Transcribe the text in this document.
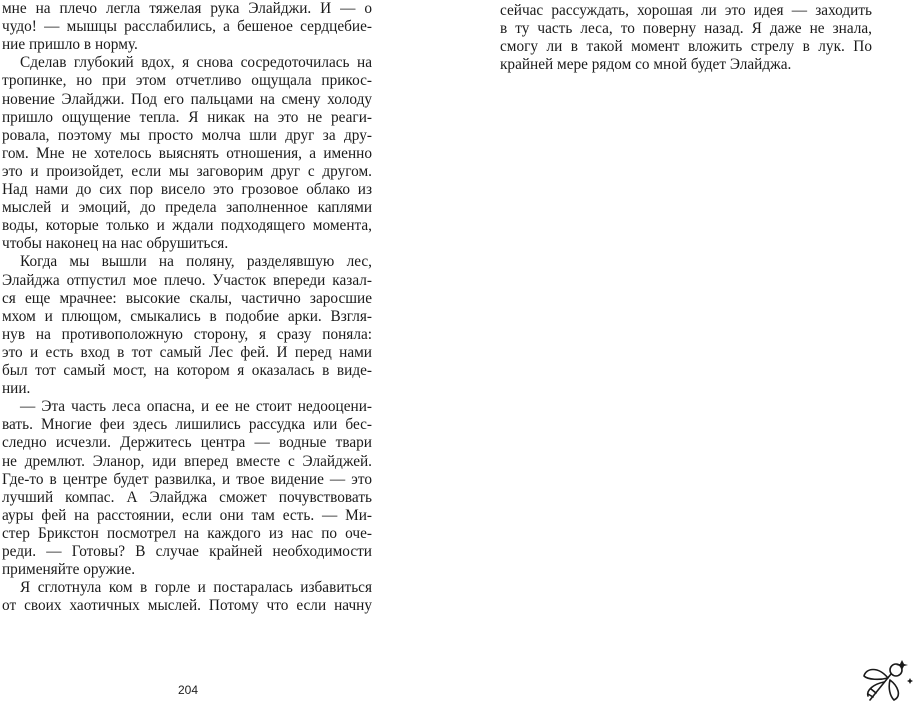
мне на плечо легла тяжелая рука Элайджи. И — о
чудо! — мышцы расслабились, а бешеное сердцебие-
ние пришло в норму.
Сделав глубокий вдох, я снова сосредоточилась на
тропинке, но при этом отчетливо ощущала прикос-
новение Элайджи. Под его пальцами на смену холоду
пришло ощущение тепла. Я никак на это не реаги-
ровала, поэтому мы просто молча шли друг за дру-
гом. Мне не хотелось выяснять отношения, а именно
это и произойдет, если мы заговорим друг с другом.
Над нами до сих пор висело это грозовое облако из
мыслей и эмоций, до предела заполненное каплями
воды, которые только и ждали подходящего момента,
чтобы наконец на нас обрушиться.
Когда мы вышли на поляну, разделявшую лес,
Элайджа отпустил мое плечо. Участок впереди казал-
ся еще мрачнее: высокие скалы, частично заросшие
мхом и плющом, смыкались в подобие арки. Взгля-
нув на противоположную сторону, я сразу поняла:
это и есть вход в тот самый Лес фей. И перед нами
был тот самый мост, на котором я оказалась в виде-
нии.
— Эта часть леса опасна, и ее не стоит недооцени-
вать. Многие феи здесь лишились рассудка или бес-
следно исчезли. Держитесь центра — водные твари
не дремлют. Эланор, иди вперед вместе с Элайджей.
Где-то в центре будет развилка, и твое видение — это
лучший компас. А Элайджа сможет почувствовать
ауры фей на расстоянии, если они там есть. — Ми-
стер Брикстон посмотрел на каждого из нас по оче-
реди. — Готовы? В случае крайней необходимости
применяйте оружие.
Я сглотнула ком в горле и постаралась избавиться
от своих хаотичных мыслей. Потому что если начну
сейчас рассуждать, хорошая ли это идея — заходить
в ту часть леса, то поверну назад. Я даже не знала,
смогу ли в такой момент вложить стрелу в лук. По
крайней мере рядом со мной будет Элайджа.
204
